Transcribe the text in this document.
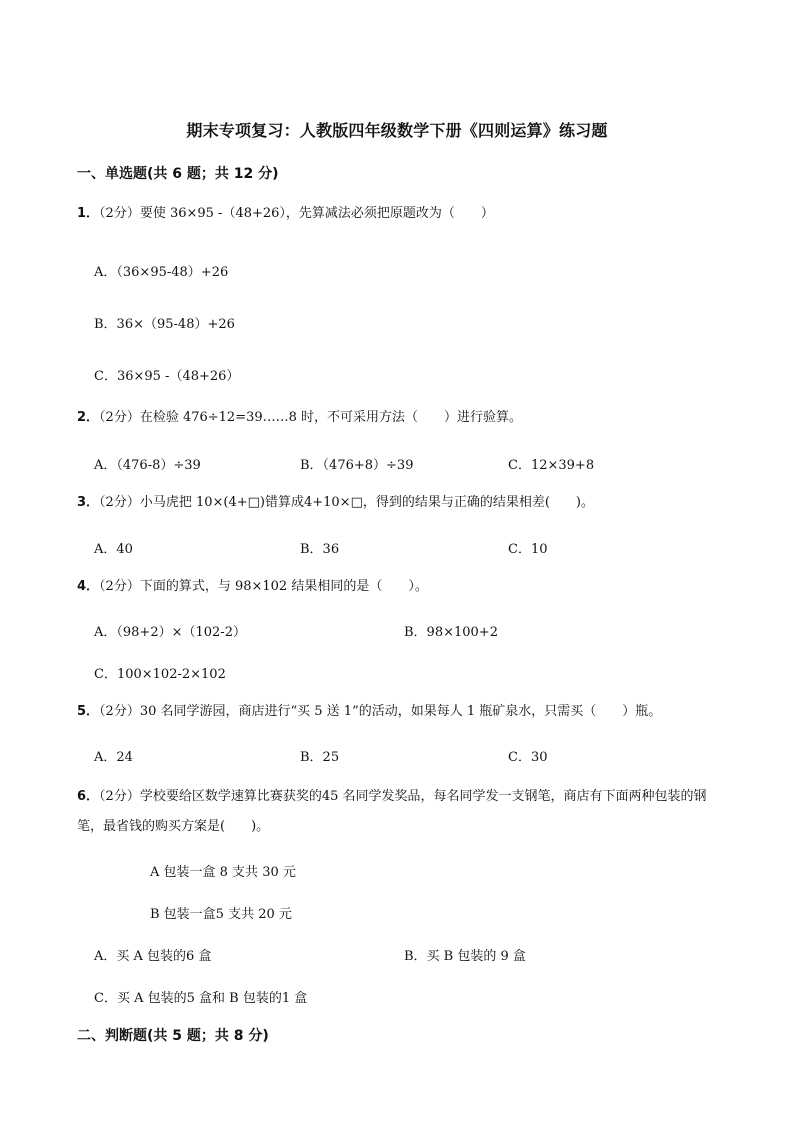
期末专项复习：人教版四年级数学下册《四则运算》练习题
一、单选题(共 6 题；共 12 分)
1．（2分）要使 36×95 -（48+26），先算减法必须把原题改为（　　）
A．（36×95-48）+26
B．36×（95-48）+26
C．36×95 -（48+26）
2．（2分）在检验 476÷12=39……8 时，不可采用方法（　　）进行验算。
A．（476-8）÷39	B．（476+8）÷39	C．12×39+8
3．（2分）小马虎把 10×(4+□)错算成4+10×□，得到的结果与正确的结果相差(　　)。
A．40	B．36	C．10
4．（2分）下面的算式，与 98×102 结果相同的是（　　）。
A．（98+2）×（102-2）	B．98×100+2
C．100×102-2×102
5．（2分）30 名同学游园，商店进行“买 5 送 1”的活动，如果每人 1 瓶矿泉水，只需买（　　）瓶。
A．24	B．25	C．30
6．（2分）学校要给区数学速算比赛获奖的45 名同学发奖品，每名同学发一支钢笔，商店有下面两种包装的钢笔，最省钱的购买方案是(　　)。
A 包装一盒 8 支共 30 元
B 包装一盒5 支共 20 元
A．买 A 包装的6 盒	B．买 B 包装的 9 盒
C．买 A 包装的5 盒和 B 包装的1 盒
二、判断题(共 5 题；共 8 分)
